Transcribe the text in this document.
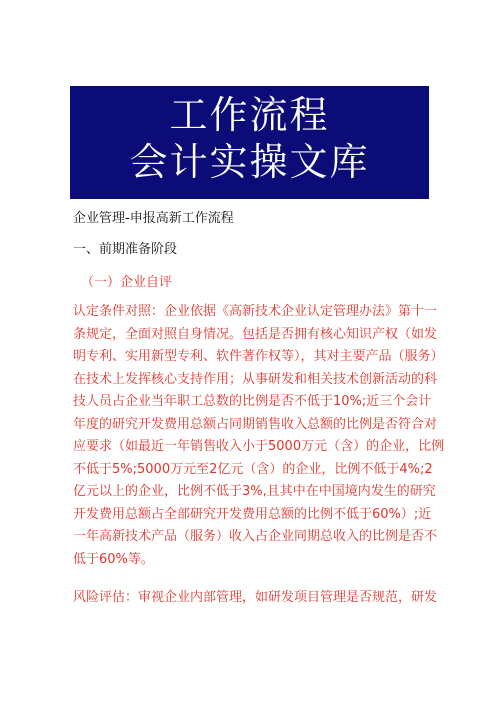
工作流程
会计实操文库

企业管理-申报高新工作流程

一、前期准备阶段

（一）企业自评

认定条件对照：企业依据《高新技术企业认定管理办法》第十一

条规定，全面对照自身情况。包括是否拥有核心知识产权（如发

明专利、实用新型专利、软件著作权等），其对主要产品（服务）

在技术上发挥核心支持作用；从事研发和相关技术创新活动的科

技人员占企业当年职工总数的比例是否不低于10%;近三个会计

年度的研究开发费用总额占同期销售收入总额的比例是否符合对

应要求（如最近一年销售收入小于5000万元（含）的企业，比例

不低于5%;5000万元至2亿元（含）的企业，比例不低于4%;2

亿元以上的企业，比例不低于3%,且其中在中国境内发生的研究

开发费用总额占全部研究开发费用总额的比例不低于60%）;近

一年高新技术产品（服务）收入占企业同期总收入的比例是否不

低于60%等。

风险评估：审视企业内部管理，如研发项目管理是否规范，研发
